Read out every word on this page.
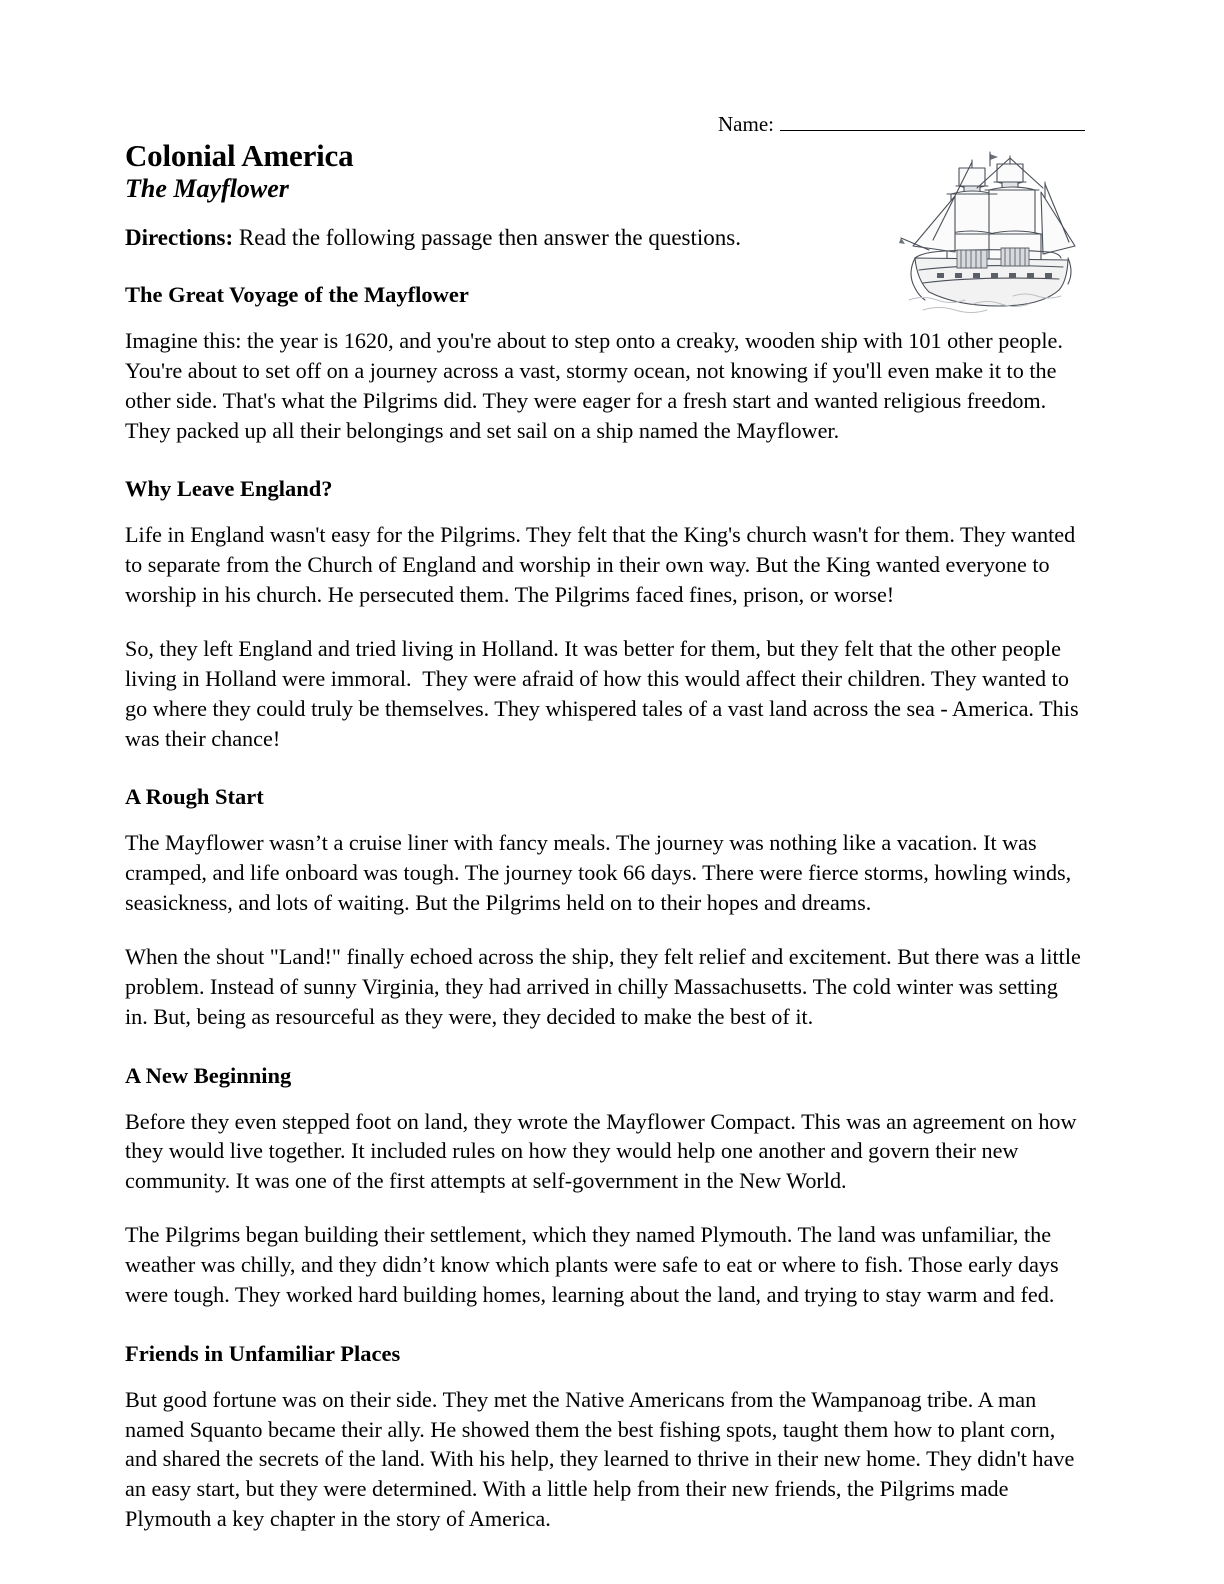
Name:
Colonial America
The Mayflower
Directions: Read the following passage then answer the questions.
The Great Voyage of the Mayflower

Imagine this: the year is 1620, and you're about to step onto a creaky, wooden ship with 101 other people. You're about to set off on a journey across a vast, stormy ocean, not knowing if you'll even make it to the other side. That's what the Pilgrims did. They were eager for a fresh start and wanted religious freedom. They packed up all their belongings and set sail on a ship named the Mayflower.

Why Leave England?

Life in England wasn't easy for the Pilgrims. They felt that the King's church wasn't for them. They wanted to separate from the Church of England and worship in their own way. But the King wanted everyone to worship in his church. He persecuted them. The Pilgrims faced fines, prison, or worse!

So, they left England and tried living in Holland. It was better for them, but they felt that the other people living in Holland were immoral.  They were afraid of how this would affect their children. They wanted to go where they could truly be themselves. They whispered tales of a vast land across the sea - America. This was their chance!

A Rough Start

The Mayflower wasn’t a cruise liner with fancy meals. The journey was nothing like a vacation. It was cramped, and life onboard was tough. The journey took 66 days. There were fierce storms, howling winds, seasickness, and lots of waiting. But the Pilgrims held on to their hopes and dreams.

When the shout "Land!" finally echoed across the ship, they felt relief and excitement. But there was a little problem. Instead of sunny Virginia, they had arrived in chilly Massachusetts. The cold winter was setting in. But, being as resourceful as they were, they decided to make the best of it.

A New Beginning

Before they even stepped foot on land, they wrote the Mayflower Compact. This was an agreement on how they would live together. It included rules on how they would help one another and govern their new community. It was one of the first attempts at self-government in the New World.

The Pilgrims began building their settlement, which they named Plymouth. The land was unfamiliar, the weather was chilly, and they didn’t know which plants were safe to eat or where to fish. Those early days were tough. They worked hard building homes, learning about the land, and trying to stay warm and fed.

Friends in Unfamiliar Places

But good fortune was on their side. They met the Native Americans from the Wampanoag tribe. A man named Squanto became their ally. He showed them the best fishing spots, taught them how to plant corn, and shared the secrets of the land. With his help, they learned to thrive in their new home. They didn't have an easy start, but they were determined. With a little help from their new friends, the Pilgrims made Plymouth a key chapter in the story of America.
